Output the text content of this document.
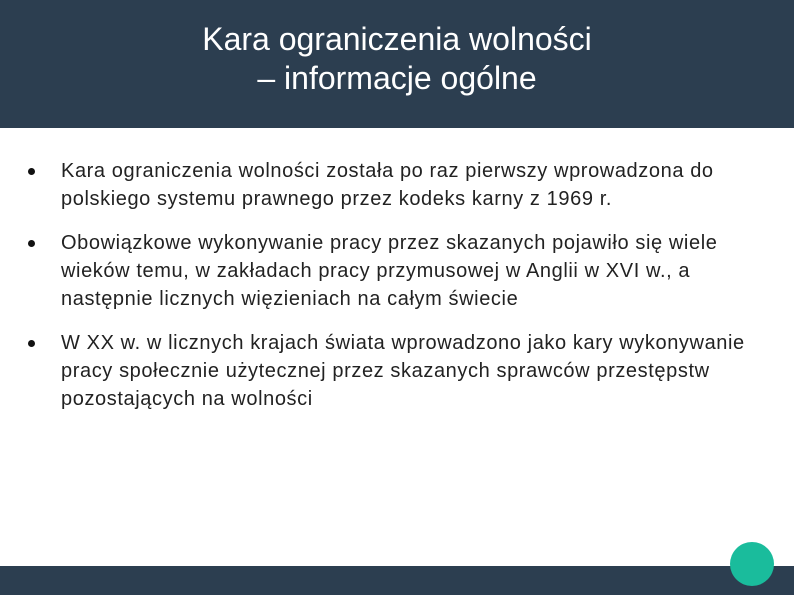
Kara ograniczenia wolności
– informacje ogólne
Kara ograniczenia wolności została po raz pierwszy wprowadzona do polskiego systemu prawnego przez kodeks karny z 1969 r.
Obowiązkowe wykonywanie pracy przez skazanych pojawiło się wiele wieków temu, w zakładach pracy przymusowej w Anglii w XVI w., a następnie licznych więzieniach na całym świecie
W XX w. w licznych krajach świata wprowadzono jako kary wykonywanie pracy społecznie użytecznej przez skazanych sprawców przestępstw pozostających na wolności
